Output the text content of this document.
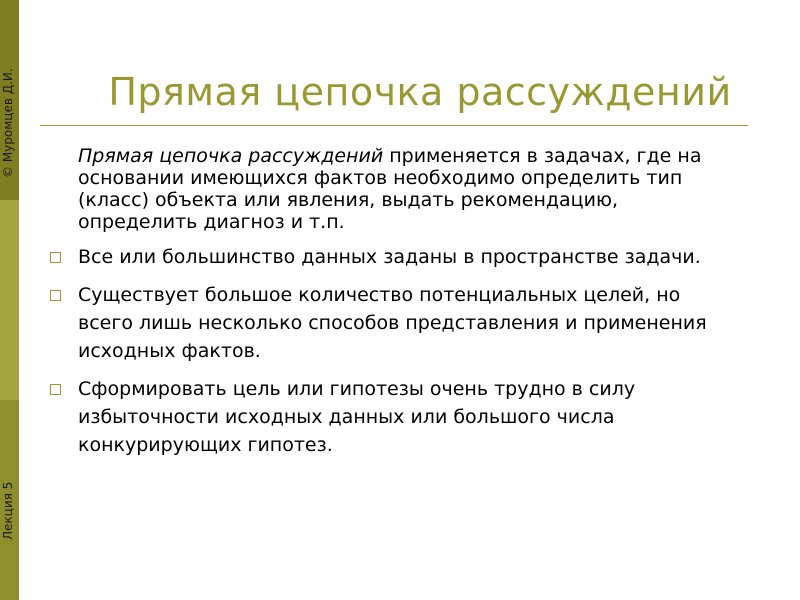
© Муромцев Д.И.
Лекция 5
Прямая цепочка рассуждений

Прямая цепочка рассуждений применяется в задачах, где на основании имеющихся фактов необходимо определить тип (класс) объекта или явления, выдать рекомендацию, определить диагноз и т.п.

Все или большинство данных заданы в пространстве задачи.
Существует большое количество потенциальных целей, но всего лишь несколько способов представления и применения исходных фактов.
Сформировать цель или гипотезы очень трудно в силу избыточности исходных данных или большого числа конкурирующих гипотез.
